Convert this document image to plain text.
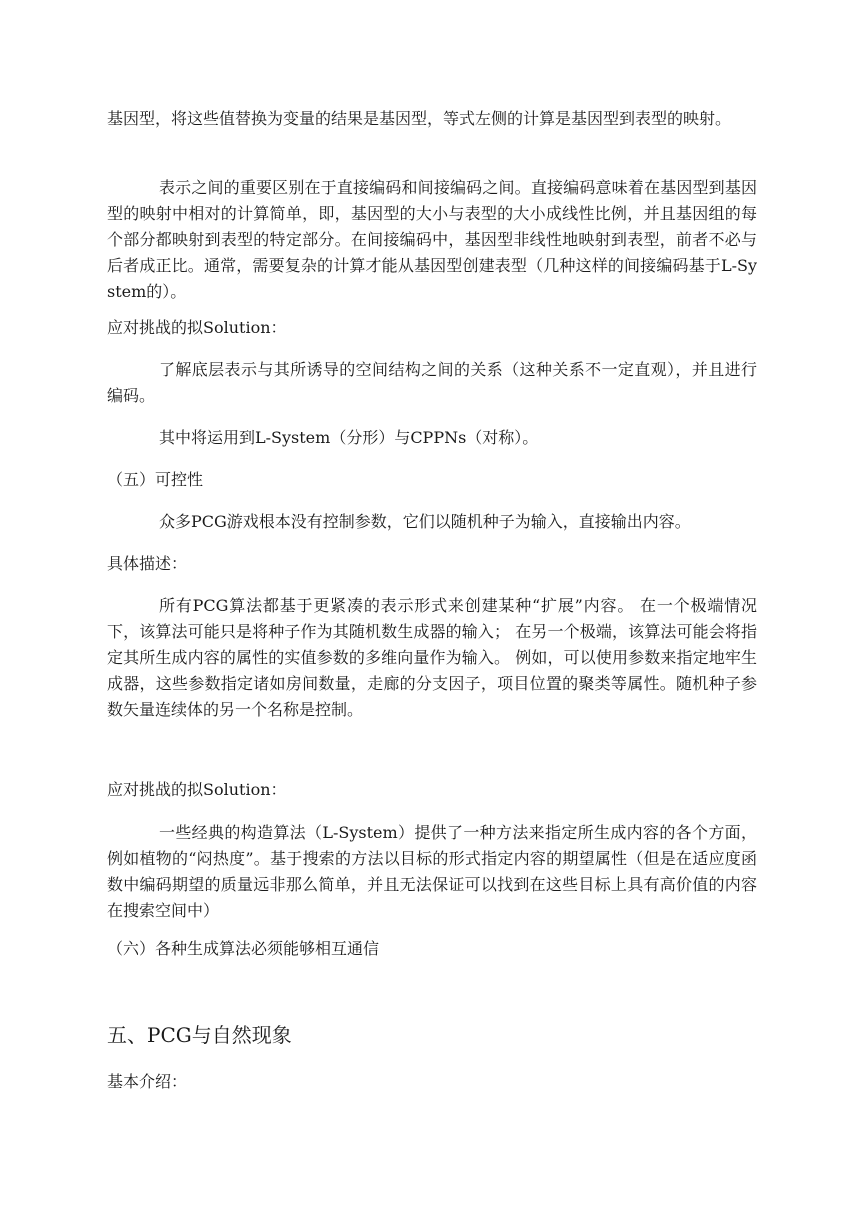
基因型，将这些值替换为变量的结果是基因型，等式左侧的计算是基因型到表型的映射。

表示之间的重要区别在于直接编码和间接编码之间。直接编码意味着在基因型到基因型的映射中相对的计算简单，即，基因型的大小与表型的大小成线性比例，并且基因组的每个部分都映射到表型的特定部分。在间接编码中，基因型非线性地映射到表型，前者不必与后者成正比。通常，需要复杂的计算才能从基因型创建表型（几种这样的间接编码基于L-System的）。

应对挑战的拟Solution：

了解底层表示与其所诱导的空间结构之间的关系（这种关系不一定直观），并且进行编码。

其中将运用到L-System（分形）与CPPNs（对称）。

（五）可控性

众多PCG游戏根本没有控制参数，它们以随机种子为输入，直接输出内容。

具体描述：

所有PCG算法都基于更紧凑的表示形式来创建某种“扩展”内容。 在一个极端情况下，该算法可能只是将种子作为其随机数生成器的输入； 在另一个极端，该算法可能会将指定其所生成内容的属性的实值参数的多维向量作为输入。 例如，可以使用参数来指定地牢生成器，这些参数指定诸如房间数量，走廊的分支因子，项目位置的聚类等属性。随机种子参数矢量连续体的另一个名称是控制。

应对挑战的拟Solution：

一些经典的构造算法（L-System）提供了一种方法来指定所生成内容的各个方面，例如植物的“闷热度”。基于搜索的方法以目标的形式指定内容的期望属性（但是在适应度函数中编码期望的质量远非那么简单，并且无法保证可以找到在这些目标上具有高价值的内容在搜索空间中）

（六）各种生成算法必须能够相互通信

五、PCG与自然现象

基本介绍：
